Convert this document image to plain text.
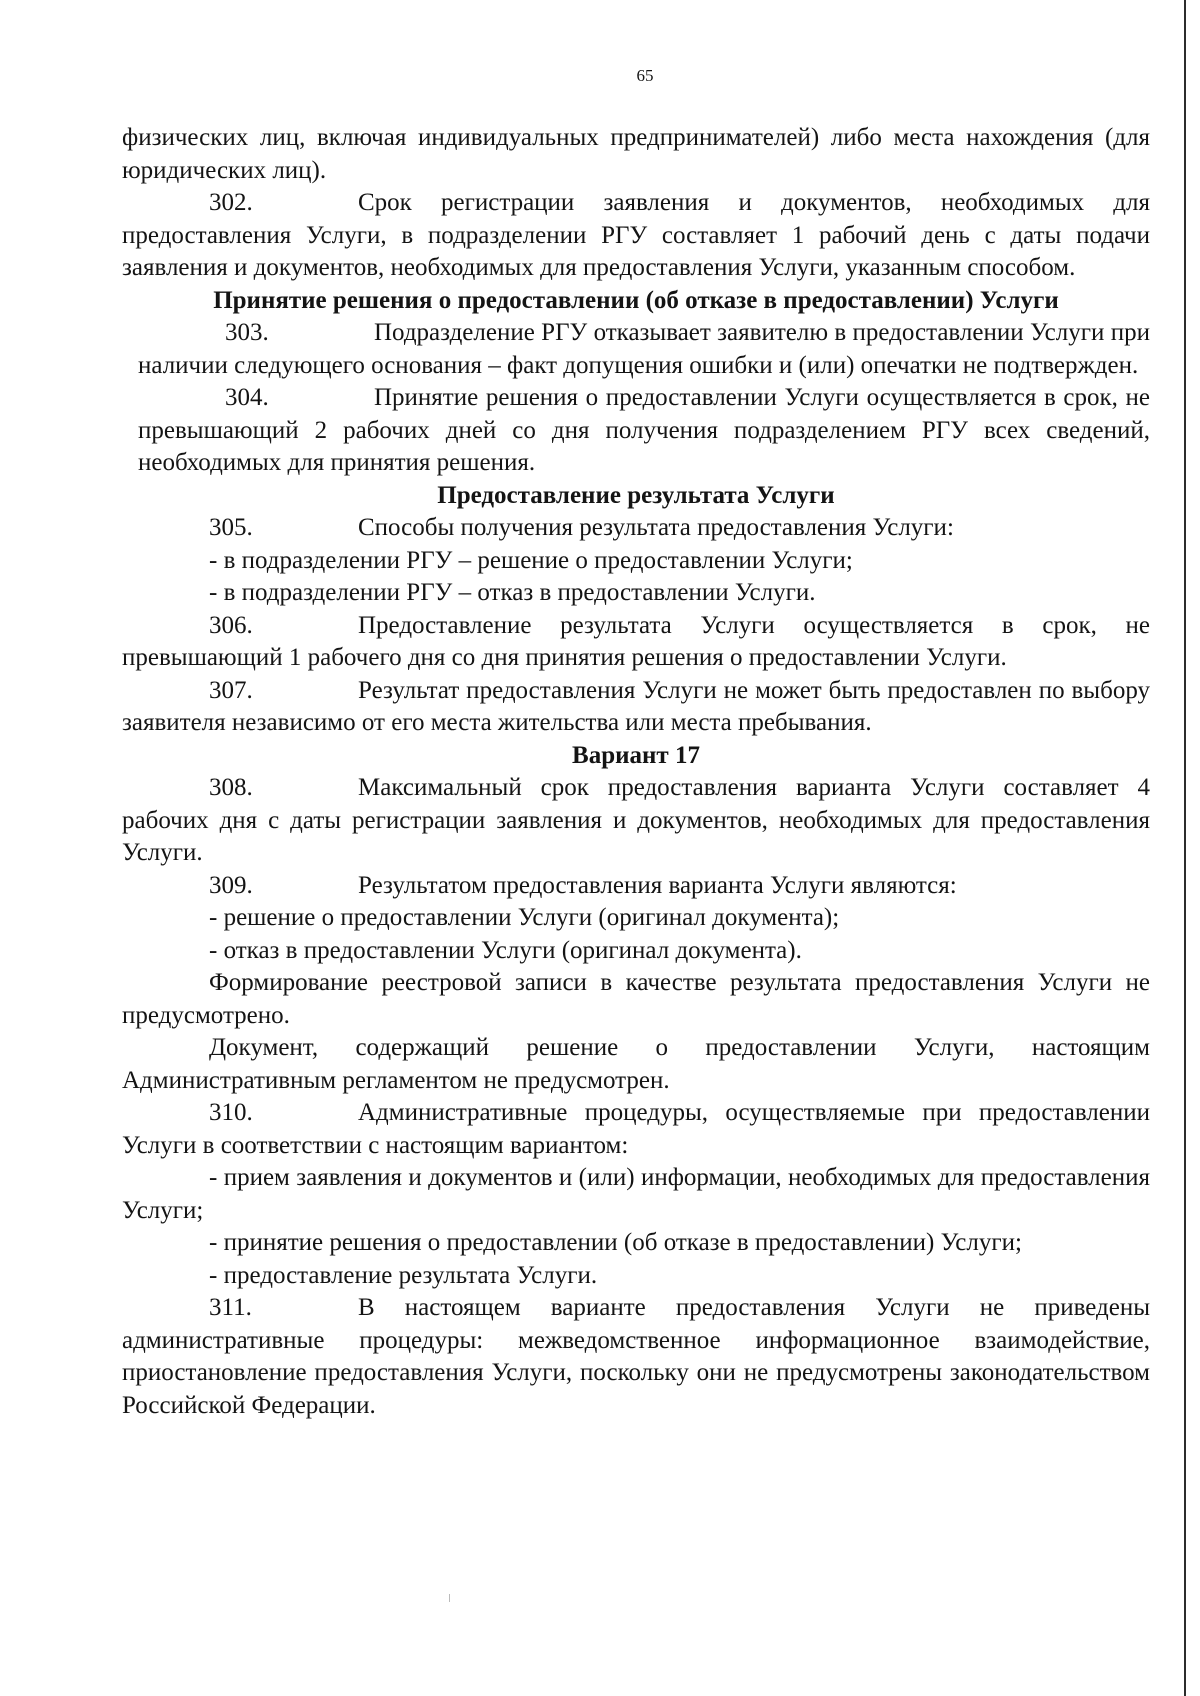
65
физических лиц, включая индивидуальных предпринимателей) либо места нахождения (для юридических лиц).
302.	Срок регистрации заявления и документов, необходимых для предоставления Услуги, в подразделении РГУ составляет 1 рабочий день с даты подачи заявления и документов, необходимых для предоставления Услуги, указанным способом.
Принятие решения о предоставлении (об отказе в предоставлении) Услуги
303.	Подразделение РГУ отказывает заявителю в предоставлении Услуги при наличии следующего основания – факт допущения ошибки и (или) опечатки не подтвержден.
304.	Принятие решения о предоставлении Услуги осуществляется в срок, не превышающий 2 рабочих дней со дня получения подразделением РГУ всех сведений, необходимых для принятия решения.
Предоставление результата Услуги
305.	Способы получения результата предоставления Услуги:
- в подразделении РГУ – решение о предоставлении Услуги;
- в подразделении РГУ – отказ в предоставлении Услуги.
306.	Предоставление результата Услуги осуществляется в срок, не превышающий 1 рабочего дня со дня принятия решения о предоставлении Услуги.
307.	Результат предоставления Услуги не может быть предоставлен по выбору заявителя независимо от его места жительства или места пребывания.
Вариант 17
308.	Максимальный срок предоставления варианта Услуги составляет 4 рабочих дня с даты регистрации заявления и документов, необходимых для предоставления Услуги.
309.	Результатом предоставления варианта Услуги являются:
- решение о предоставлении Услуги (оригинал документа);
- отказ в предоставлении Услуги (оригинал документа).
Формирование реестровой записи в качестве результата предоставления Услуги не предусмотрено.
Документ, содержащий решение о предоставлении Услуги, настоящим Административным регламентом не предусмотрен.
310.	Административные процедуры, осуществляемые при предоставлении Услуги в соответствии с настоящим вариантом:
- прием заявления и документов и (или) информации, необходимых для предоставления Услуги;
- принятие решения о предоставлении (об отказе в предоставлении) Услуги;
- предоставление результата Услуги.
311.	В настоящем варианте предоставления Услуги не приведены административные процедуры: межведомственное информационное взаимодействие, приостановление предоставления Услуги, поскольку они не предусмотрены законодательством Российской Федерации.
